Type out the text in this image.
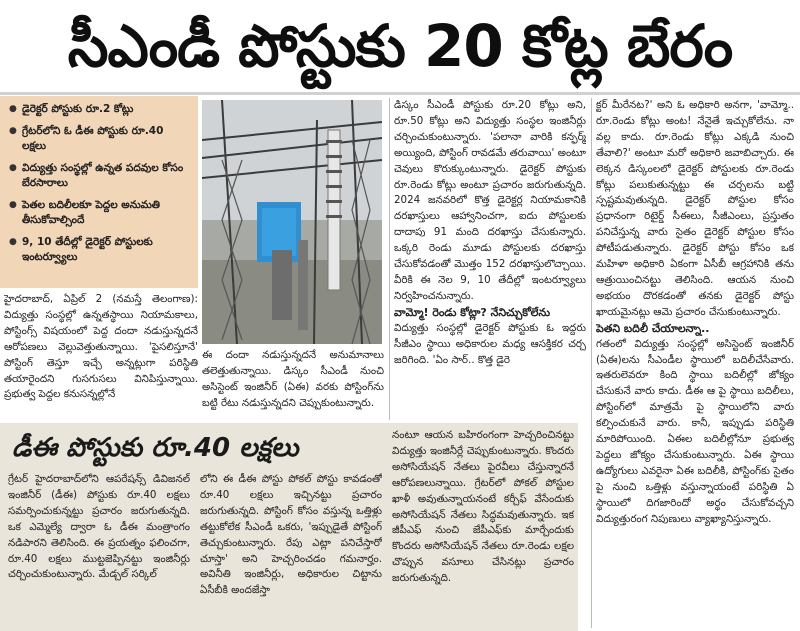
సీఎండీ పోస్టుకు 20 కోట్ల బేరం
● డైరెక్టర్ పోస్టుకు రూ.2 కోట్లు
● గ్రేటర్‌లోని ఓ డీఈ పోస్టుకు రూ.40 లక్షలు
● విద్యుత్తు సంస్థల్లో ఉన్నత పదవుల కోసం బేరసారాలు
● పెతల బదిలీలకూ పెద్దల అనుమతి తీసుకోవాల్సిందే
● 9, 10 తేదీల్లో డైరెక్టర్ పోస్టులకు ఇంటర్వ్యూలు

హైదరాబాద్, ఏప్రిల్ 2 (నమస్తే తెలంగాణ): విద్యుత్తు సంస్థల్లో ఉన్నతస్థాయి నియామకాలు, పోస్టింగ్స్ విషయంలో పెద్ద దందా నడుస్తున్నదనే ఆరోపణలు వెల్లువెత్తుతున్నాయి. 'పైసలిస్తూనే' పోస్టింగ్ తెస్తూ ఇచ్చే అన్నట్లుగా పరిస్థితి తయారైందని గుసగుసలు వినిపిస్తున్నాయి. ప్రభుత్వ పెద్దల కనుసన్నల్లోనే

ఈ దందా నడుస్తున్నదనే అనుమానాలు తలెత్తుతున్నాయి. డిస్కం సీఎండీ నుంచి అసిస్టెంట్ ఇంజినీర్ (ఏఈ) వరకు పోస్టింగ్‌ను బట్టి రేటు నడుస్తున్నదని చెప్పుకుంటున్నారు.

డిస్కం సీఎండీ పోస్టుకు రూ.20 కోట్లు అని, రూ.50 కోట్లు అని విద్యుత్తు సంస్థల ఇంజినీర్లు చర్చించుకుంటున్నారు. 'పలానా వారికి కన్ఫర్మ్ అయ్యింది, పోస్టింగ్ రావడమే తరువాయి' అంటూ చెవులు కొరుక్కుంటున్నారు. డైరెక్టర్ పోస్టుకు రూ.రెండు కోట్లు అంటూ ప్రచారం జరుగుతున్నది. 2024 జనవరిలో కొత్త డైరెక్టర్ల నియామకానికి దరఖాస్తులు ఆహ్వానించగా, ఐదు పోస్టులకు దాదాపు 91 మంది దరఖాస్తు చేసుకున్నారు. ఒక్కరి రెండు మూడు పోస్టులకు దరఖాస్తు చేసుకోవడంతో మొత్తం 152 దరఖాస్తులొచ్చాయి. వీరికి ఈ నెల 9, 10 తేదీల్లో ఇంటర్వ్యూలు నిర్వహించనున్నారు.

వామ్మో! రెండు కోట్లా? నేనిచ్చుకోలేను

విద్యుత్తు సంస్థల్లో డైరెక్టర్ పోస్టుకు ఓ ఇద్దరు సీజీఎం స్థాయి అధికారుల మధ్య ఆసక్తికర చర్చ జరిగింది. 'ఏం సార్.. కొత్త డైరె

క్టర్ మీరేనట?' అని ఓ అధికారి అనగా, 'వామ్మో.. రూ.రెండు కోట్లు అంట! నేనైతే ఇచ్చుకోలేను. నా వల్ల కాదు. రూ.రెండు కోట్లు ఎక్కడి నుంచి తేవాలి?' అంటూ మరో అధికారి జవాబిచ్చారు. ఈ లెక్కన డిస్కంలలో డైరెక్టర్ పోస్టులకు రూ.రెండు కోట్లు పలుకుతున్నట్టు ఈ చర్చలను బట్టి స్పష్టమవుతున్నది. డైరెక్టర్ పోస్టుల కోసం ప్రధానంగా రిటైర్డ్ సీఈలు, సీజీఎంలు, ప్రస్తుతం పనిచేస్తున్న వారు సైతం డైరెక్టర్ పోస్టుల కోసం పోటీపడుతున్నారు. డైరెక్టర్ పోస్టు కోసం ఒక మహిళా అధికారి ఏకంగా ఏసీబీ ఆగ్రహానికి తను ఆత్రుయించినట్టు తెలిసింది. ఆయన నుంచి అభయం దొరకడంతో తనకు డైరెక్టర్ పోస్టు ఖాయమైనట్లు ఆమె ప్రచారం చేసుకుంటున్నారు.

పెతని బదిలీ చేయాలన్నా..

గతంలో విద్యుత్తు సంస్థల్లో అసిస్టెంట్ ఇంజినీర్ (ఏఈ)లను సీఎండీల స్థాయిలో బదిలీచేసేవారు. ఇతరులెవరూ కింది స్థాయి బదిలీల్లో జోక్యం చేసుకునే వారు కాదు. డీఈ ఆ పై స్థాయి బదిలీలు, పోస్టింగ్‌లో మాత్రమే పై స్థాయిలోని వారు కల్పించుకునే వారు. కానీ, ఇప్పుడు పరిస్థితి మారిపోయింది. ఏఈల బదిలీల్లోనూ ప్రభుత్వ పెద్దలు జోక్యం చేసుకుంటున్నారు. ఏఈ స్థాయి ఉద్యోగులు ఎవరైనా ఏఈ బదిలీకి, పోస్టింగ్‌కు సైతం పై నుంచి ఒత్తిళ్లు వస్తున్నాయంటే పరిస్థితి ఏ స్థాయిలో దిగజారిందో అర్థం చేసుకోవచ్చని విద్యుత్తురంగ నిపుణులు వ్యాఖ్యానిస్తున్నారు.

డీఈ పోస్టుకు రూ.40 లక్షలు

గ్రేటర్ హైదరాబాద్‌లోని ఆపరేషన్స్ డివిజనల్ ఇంజినీర్ (డీఈ) పోస్టుకు రూ.40 లక్షలు సమర్పించుకున్నట్టు ప్రచారం జరుగుతున్నది. ఒక ఎమ్మెల్యే ద్వారా ఓ డీఈ మంత్రాంగం నడిపారని తెలిసింది. ఈ ప్రయత్నం ఫలించగా, రూ.40 లక్షలు ముట్టజెప్పినట్టు ఇంజినీర్లు చర్చించుకుంటున్నారు. మేడ్చల్ సర్కిల్‌

లోని ఈ డీఈ పోస్టు పోకల్ పోస్టు కావడంతో రూ.40 లక్షలు ఇచ్చినట్టు ప్రచారం జరుగుతున్నది. పోస్టింగ్ కోసం వస్తున్న ఒత్తిళ్లు తట్టుకోలేక సీఎండీ ఒకరు, 'ఇప్పుడైతే పోస్టింగ్ తెచ్చుకుంటున్నారు. రేపు ఎట్లా పనిచేస్తారో చూస్తా' అని హెచ్చరించడం గమనార్హం. అవినీతి ఇంజినీర్లు, అధికారుల చిట్టాను ఏసీబీకి అందజేస్తా

నంటూ ఆయన బహిరంగంగా హెచ్చరించినట్టు విద్యుత్తు ఇంజినీర్లే చెప్పుకుంటున్నారు. కొందరు అసోసియేషన్ నేతలు పైరవీలు చేస్తున్నారనే ఆరోపణలున్నాయి. గ్రేటర్‌లో పోకల్ పోస్టుల ఖాళీ అవుతున్నాయనంటే కర్చీఫ్ వేసేందుకు అసోసియేషన్ నేతలు సిద్ధమవుతున్నారు. ఇక జీపీఎఫ్ నుంచి జేపీఎఫ్‌కు మార్చేందుకు కొందరు అసోసియేషన్ నేతలు రూ.రెండు లక్షల చొప్పున వసూలు చేసినట్లు ప్రచారం జరుగుతున్నది.
